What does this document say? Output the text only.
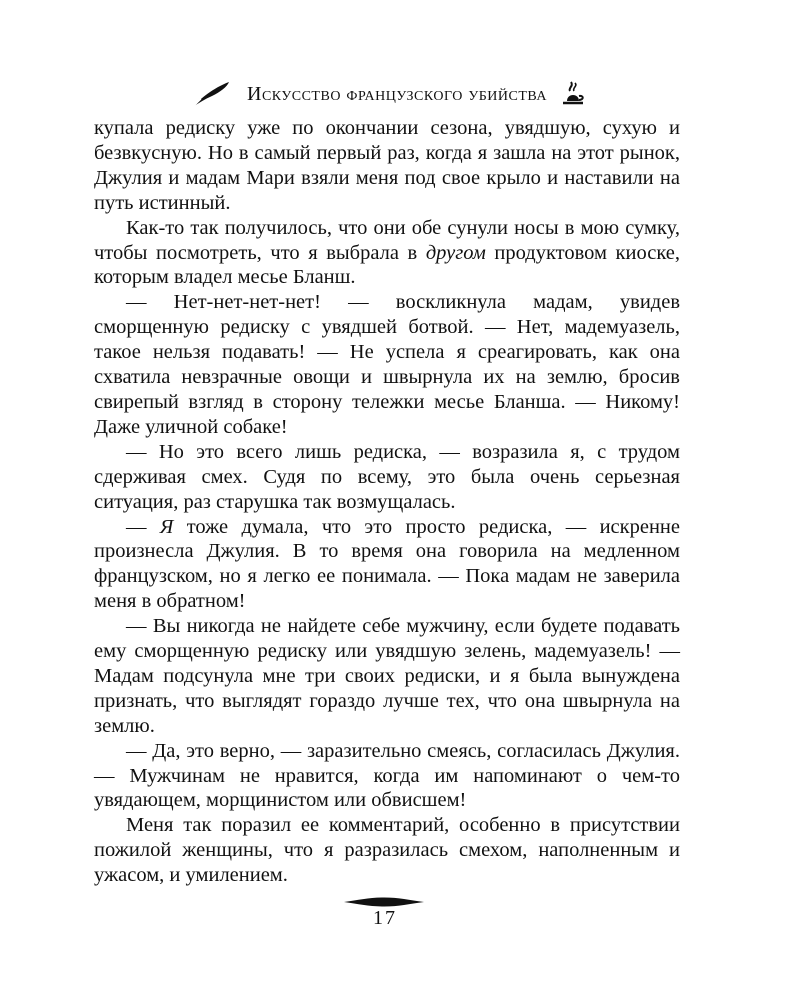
Искусство французского убийства

купала редиску уже по окончании сезона, увядшую, сухую и безвкусную. Но в самый первый раз, когда я зашла на этот рынок, Джулия и мадам Мари взяли меня под свое крыло и наставили на путь истинный.

Как-то так получилось, что они обе сунули носы в мою сумку, чтобы посмотреть, что я выбрала в другом продуктовом киоске, которым владел месье Бланш.

— Нет-нет-нет-нет! — воскликнула мадам, увидев сморщенную редиску с увядшей ботвой. — Нет, мадемуазель, такое нельзя подавать! — Не успела я среагировать, как она схватила невзрачные овощи и швырнула их на землю, бросив свирепый взгляд в сторону тележки месье Бланша. — Никому! Даже уличной собаке!

— Но это всего лишь редиска, — возразила я, с трудом сдерживая смех. Судя по всему, это была очень серьезная ситуация, раз старушка так возмущалась.

— Я тоже думала, что это просто редиска, — искренне произнесла Джулия. В то время она говорила на медленном французском, но я легко ее понимала. — Пока мадам не заверила меня в обратном!

— Вы никогда не найдете себе мужчину, если будете подавать ему сморщенную редиску или увядшую зелень, мадемуазель! — Мадам подсунула мне три своих редиски, и я была вынуждена признать, что выглядят гораздо лучше тех, что она швырнула на землю.

— Да, это верно, — заразительно смеясь, согласилась Джулия. — Мужчинам не нравится, когда им напоминают о чем-то увядающем, морщинистом или обвисшем!

Меня так поразил ее комментарий, особенно в присутствии пожилой женщины, что я разразилась смехом, наполненным и ужасом, и умилением.

17
